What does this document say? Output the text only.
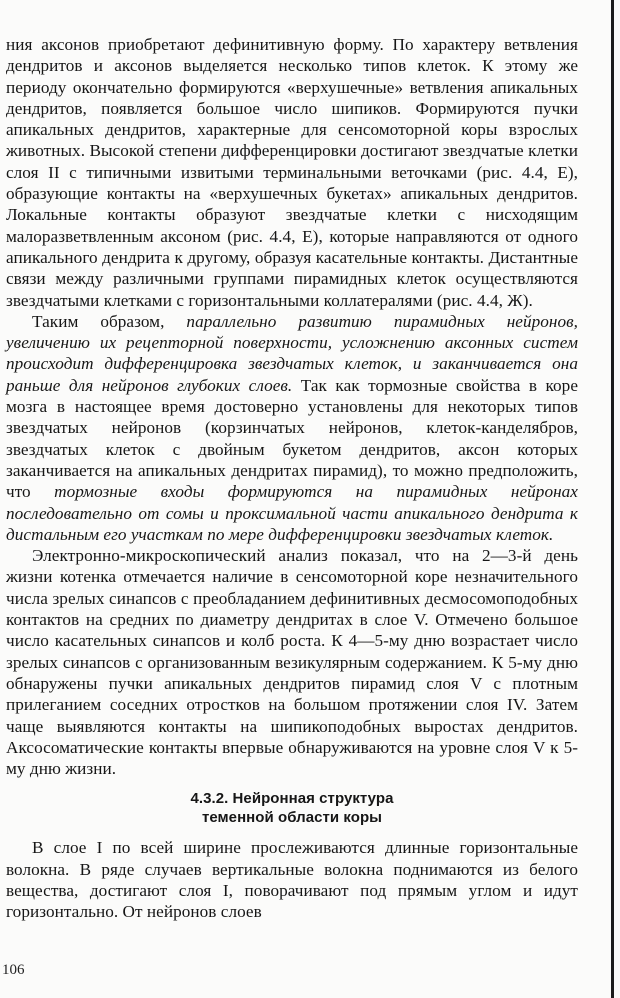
ния аксонов приобретают дефинитивную форму. По характеру ветвления дендритов и аксонов выделяется несколько типов клеток. К этому же периоду окончательно формируются «верхушечные» ветвления апикальных дендритов, появляется большое число шипиков. Формируются пучки апикальных дендритов, характерные для сенсомоторной коры взрослых животных. Высокой степени дифференцировки достигают звездчатые клетки слоя II с типичными извитыми терминальными веточками (рис. 4.4, Е), образующие контакты на «верхушечных букетах» апикальных дендритов. Локальные контакты образуют звездчатые клетки с нисходящим малоразветвленным аксоном (рис. 4.4, Е), которые направляются от одного апикального дендрита к другому, образуя касательные контакты. Дистантные связи между различными группами пирамидных клеток осуществляются звездчатыми клетками с горизонтальными коллатералями (рис. 4.4, Ж).

Таким образом, параллельно развитию пирамидных нейронов, увеличению их рецепторной поверхности, усложнению аксонных систем происходит дифференцировка звездчатых клеток, и заканчивается она раньше для нейронов глубоких слоев. Так как тормозные свойства в коре мозга в настоящее время достоверно установлены для некоторых типов звездчатых нейронов (корзинчатых нейронов, клеток-канделябров, звездчатых клеток с двойным букетом дендритов, аксон которых заканчивается на апикальных дендритах пирамид), то можно предположить, что тормозные входы формируются на пирамидных нейронах последовательно от сомы и проксимальной части апикального дендрита к дистальным его участкам по мере дифференцировки звездчатых клеток.

Электронно-микроскопический анализ показал, что на 2—3-й день жизни котенка отмечается наличие в сенсомоторной коре незначительного числа зрелых синапсов с преобладанием дефинитивных десмосомоподобных контактов на средних по диаметру дендритах в слое V. Отмечено большое число касательных синапсов и колб роста. К 4—5-му дню возрастает число зрелых синапсов с организованным везикулярным содержанием. К 5-му дню обнаружены пучки апикальных дендритов пирамид слоя V с плотным прилеганием соседних отростков на большом протяжении слоя IV. Затем чаще выявляются контакты на шипикоподобных выростах дендритов. Аксосоматические контакты впервые обнаруживаются на уровне слоя V к 5-му дню жизни.

4.3.2. Нейронная структура
теменной области коры

В слое I по всей ширине прослеживаются длинные горизонтальные волокна. В ряде случаев вертикальные волокна поднимаются из белого вещества, достигают слоя I, поворачивают под прямым углом и идут горизонтально. От нейронов слоев

106
